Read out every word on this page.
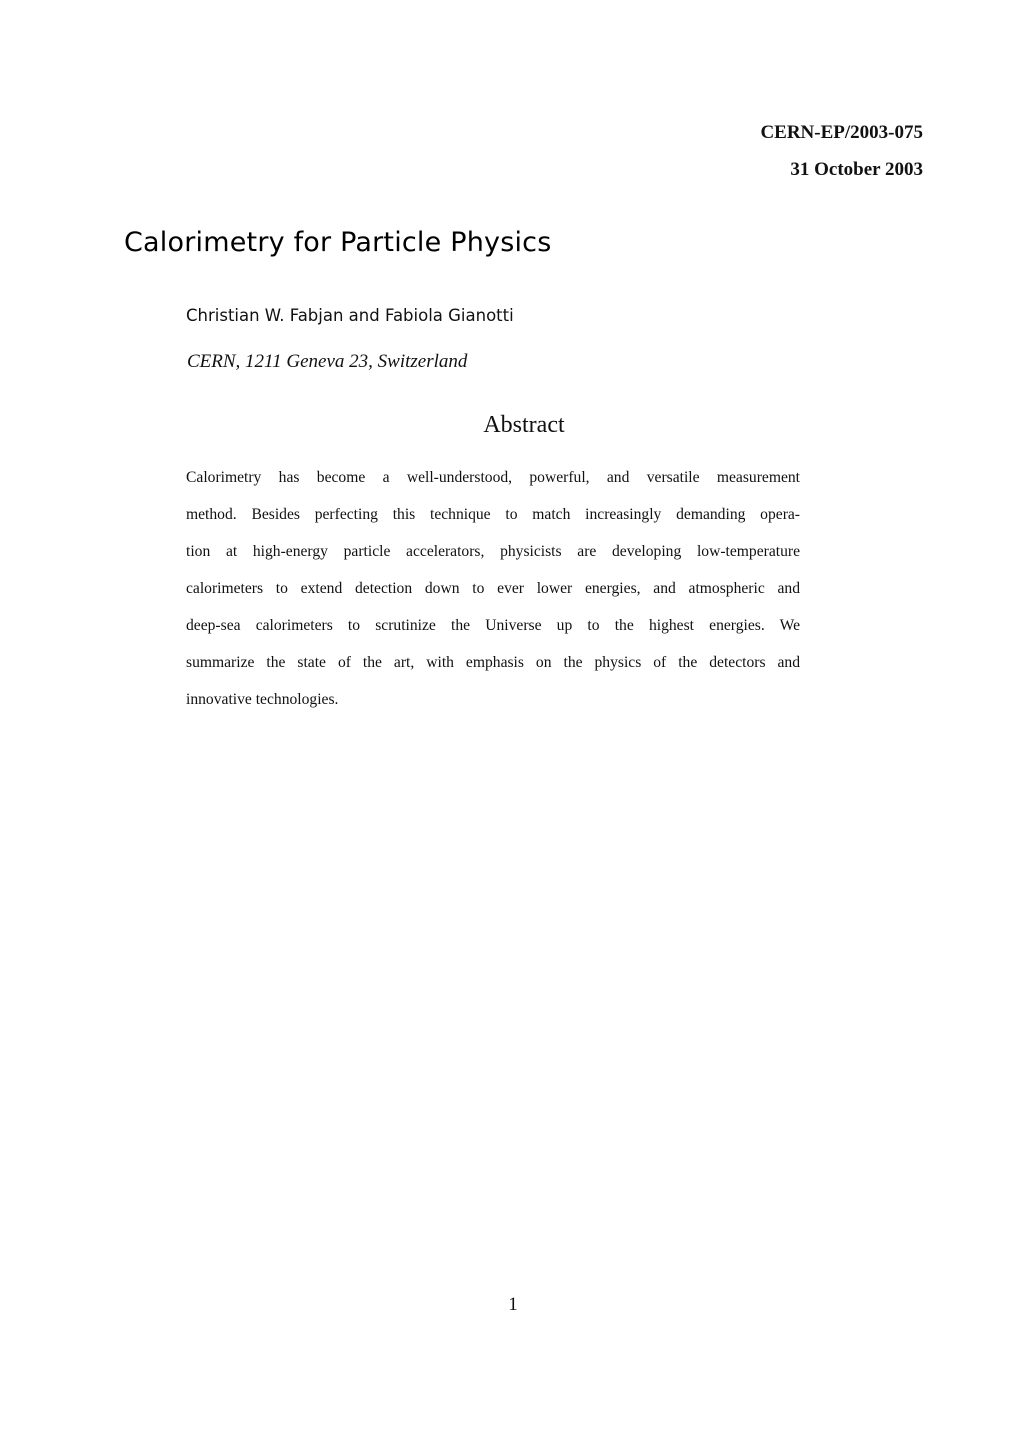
CERN-EP/2003-075

31 October 2003

Calorimetry for Particle Physics

Christian W. Fabjan and Fabiola Gianotti

CERN, 1211 Geneva 23, Switzerland

Abstract
Calorimetry has become a well-understood, powerful, and versatile measurement
method. Besides perfecting this technique to match increasingly demanding opera-
tion at high-energy particle accelerators, physicists are developing low-temperature
calorimeters to extend detection down to ever lower energies, and atmospheric and
deep-sea calorimeters to scrutinize the Universe up to the highest energies. We
summarize the state of the art, with emphasis on the physics of the detectors and
innovative technologies.

1
